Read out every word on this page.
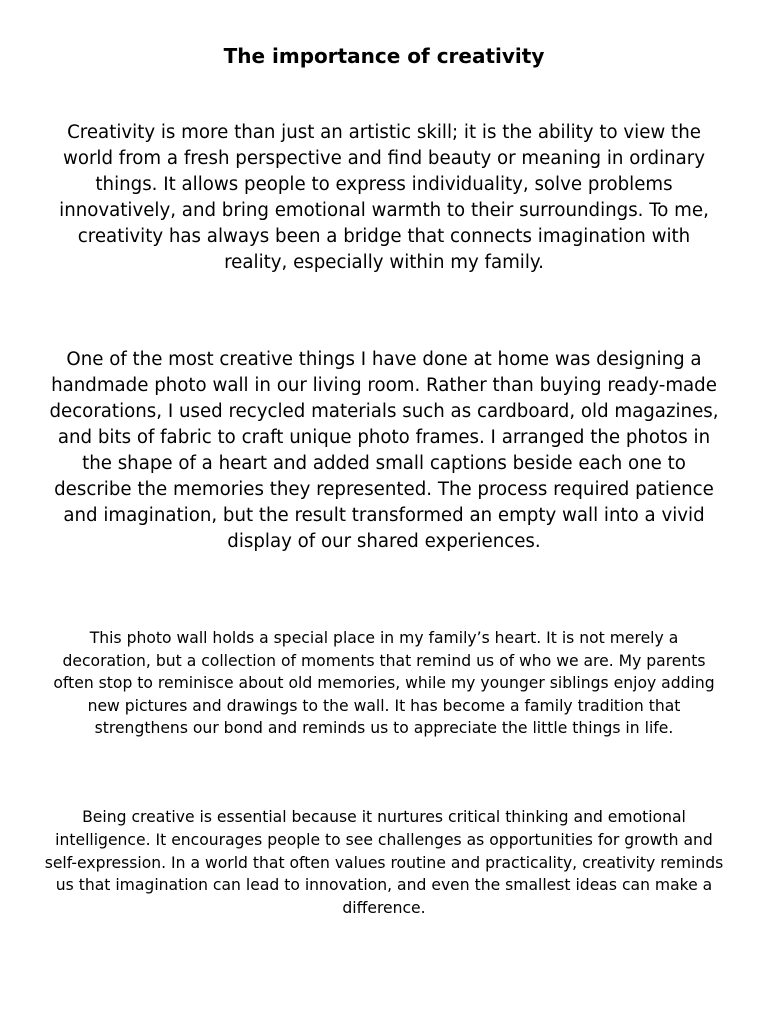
The importance of creativity

Creativity is more than just an artistic skill; it is the ability to view the world from a fresh perspective and find beauty or meaning in ordinary things. It allows people to express individuality, solve problems innovatively, and bring emotional warmth to their surroundings. To me, creativity has always been a bridge that connects imagination with reality, especially within my family.

One of the most creative things I have done at home was designing a handmade photo wall in our living room. Rather than buying ready-made decorations, I used recycled materials such as cardboard, old magazines, and bits of fabric to craft unique photo frames. I arranged the photos in the shape of a heart and added small captions beside each one to describe the memories they represented. The process required patience and imagination, but the result transformed an empty wall into a vivid display of our shared experiences.

This photo wall holds a special place in my family’s heart. It is not merely a decoration, but a collection of moments that remind us of who we are. My parents often stop to reminisce about old memories, while my younger siblings enjoy adding new pictures and drawings to the wall. It has become a family tradition that strengthens our bond and reminds us to appreciate the little things in life.

Being creative is essential because it nurtures critical thinking and emotional intelligence. It encourages people to see challenges as opportunities for growth and self-expression. In a world that often values routine and practicality, creativity reminds us that imagination can lead to innovation, and even the smallest ideas can make a difference.
